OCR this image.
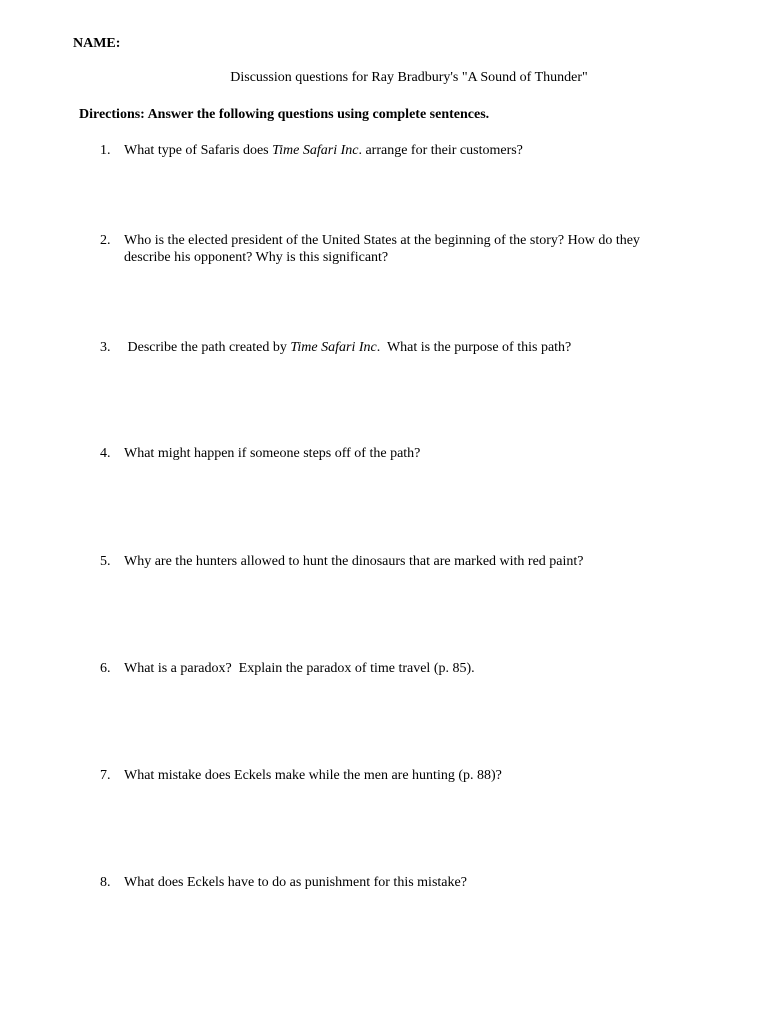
NAME:
Discussion questions for Ray Bradbury's "A Sound of Thunder"
Directions: Answer the following questions using complete sentences.
1. What type of Safaris does Time Safari Inc. arrange for their customers?
2. Who is the elected president of the United States at the beginning of the story? How do they
describe his opponent? Why is this significant?
3. Describe the path created by Time Safari Inc.  What is the purpose of this path?
4. What might happen if someone steps off of the path?
5. Why are the hunters allowed to hunt the dinosaurs that are marked with red paint?
6. What is a paradox?  Explain the paradox of time travel (p. 85).
7. What mistake does Eckels make while the men are hunting (p. 88)?
8. What does Eckels have to do as punishment for this mistake?
